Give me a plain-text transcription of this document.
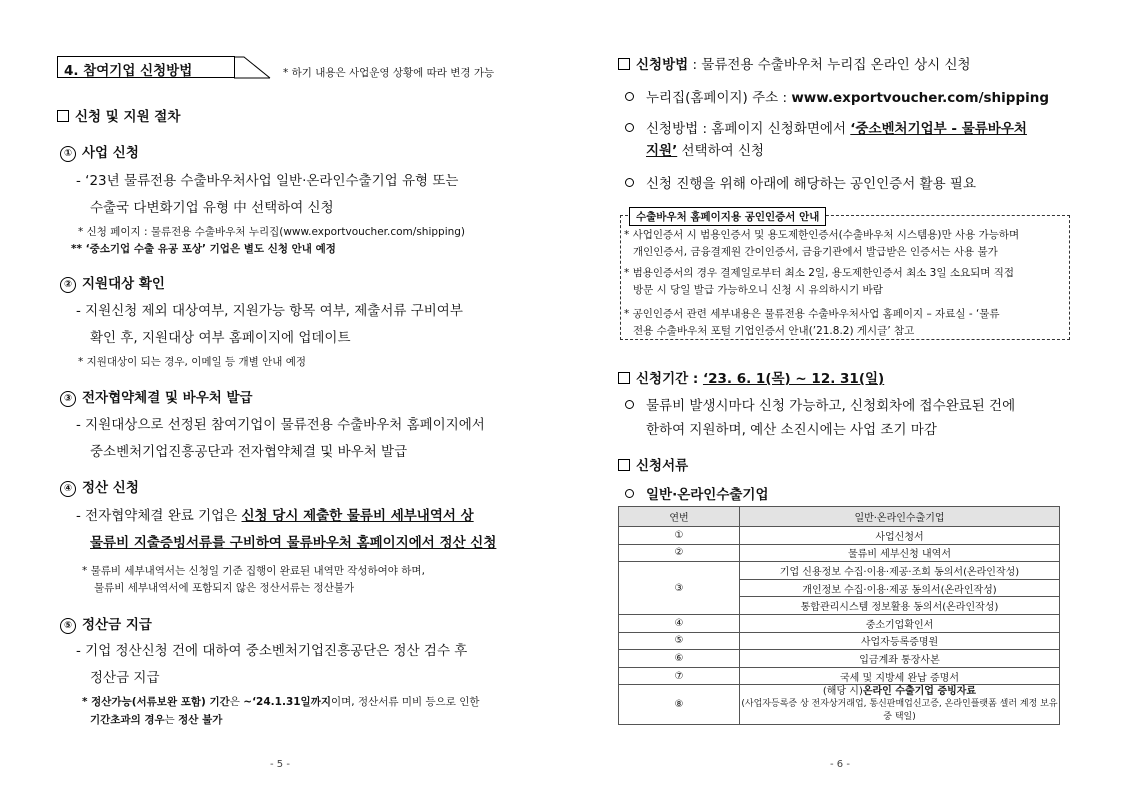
4. 참여기업 신청방법	* 하기 내용은 사업운영 상황에 따라 변경 가능
신청 및 지원 절차
① 사업 신청
- ‘23년 물류전용 수출바우처사업 일반·온라인수출기업 유형 또는
수출국 다변화기업 유형 中 선택하여 신청
* 신청 페이지 : 물류전용 수출바우처 누리집(www.exportvoucher.com/shipping)
** ‘중소기업 수출 유공 포상’ 기업은 별도 신청 안내 예정
② 지원대상 확인
- 지원신청 제외 대상여부, 지원가능 항목 여부, 제출서류 구비여부
확인 후, 지원대상 여부 홈페이지에 업데이트
* 지원대상이 되는 경우, 이메일 등 개별 안내 예정
③ 전자협약체결 및 바우처 발급
- 지원대상으로 선정된 참여기업이 물류전용 수출바우처 홈페이지에서
중소벤처기업진흥공단과 전자협약체결 및 바우처 발급
④ 정산 신청
- 전자협약체결 완료 기업은 신청 당시 제출한 물류비 세부내역서 상
물류비 지출증빙서류를 구비하여 물류바우처 홈페이지에서 정산 신청
* 물류비 세부내역서는 신청일 기준 집행이 완료된 내역만 작성하여야 하며,
물류비 세부내역서에 포함되지 않은 정산서류는 정산불가
⑤ 정산금 지급
- 기업 정산신청 건에 대하여 중소벤처기업진흥공단은 정산 검수 후
정산금 지급
* 정산가능(서류보완 포함) 기간은 ~‘24.1.31일까지이며, 정산서류 미비 등으로 인한
기간초과의 경우는 정산 불가
- 5 -
신청방법 : 물류전용 수출바우처 누리집 온라인 상시 신청
누리집(홈페이지) 주소 : www.exportvoucher.com/shipping
신청방법 : 홈페이지 신청화면에서 ‘중소벤처기업부 - 물류바우처
지원’ 선택하여 신청
신청 진행을 위해 아래에 해당하는 공인인증서 활용 필요
수출바우처 홈페이지용 공인인증서 안내
* 사업인증서 시 범용인증서 및 용도제한인증서(수출바우처 시스템용)만 사용 가능하며
개인인증서, 금융결제원 간이인증서, 금융기관에서 발급받은 인증서는 사용 불가
* 범용인증서의 경우 결제일로부터 최소 2일, 용도제한인증서 최소 3일 소요되며 직접
방문 시 당일 발급 가능하오니 신청 시 유의하시기 바람
* 공인인증서 관련 세부내용은 물류전용 수출바우처사업 홈페이지 – 자료실 - ‘물류
전용 수출바우처 포털 기업인증서 안내(’21.8.2) 게시글’ 참고
신청기간 : ‘23. 6. 1(목) ~ 12. 31(일)
물류비 발생시마다 신청 가능하고, 신청회차에 접수완료된 건에
한하여 지원하며, 예산 소진시에는 사업 조기 마감
신청서류
일반·온라인수출기업
연번	일반·온라인수출기업
①	사업신청서
②	물류비 세부신청 내역서
③	기업 신용정보 수집·이용·제공·조회 동의서(온라인작성)
	개인정보 수집·이용·제공 동의서(온라인작성)
	통합관리시스템 정보활용 동의서(온라인작성)
④	중소기업확인서
⑤	사업자등록증명원
⑥	입금계좌 통장사본
⑦	국세 및 지방세 완납 증명서
⑧	(해당 시)온라인 수출기업 증빙자료
(사업자등록증 상 전자상거래업, 통신판매업신고증, 온라인플랫폼 셀러 계정 보유 중 택일)
- 6 -
